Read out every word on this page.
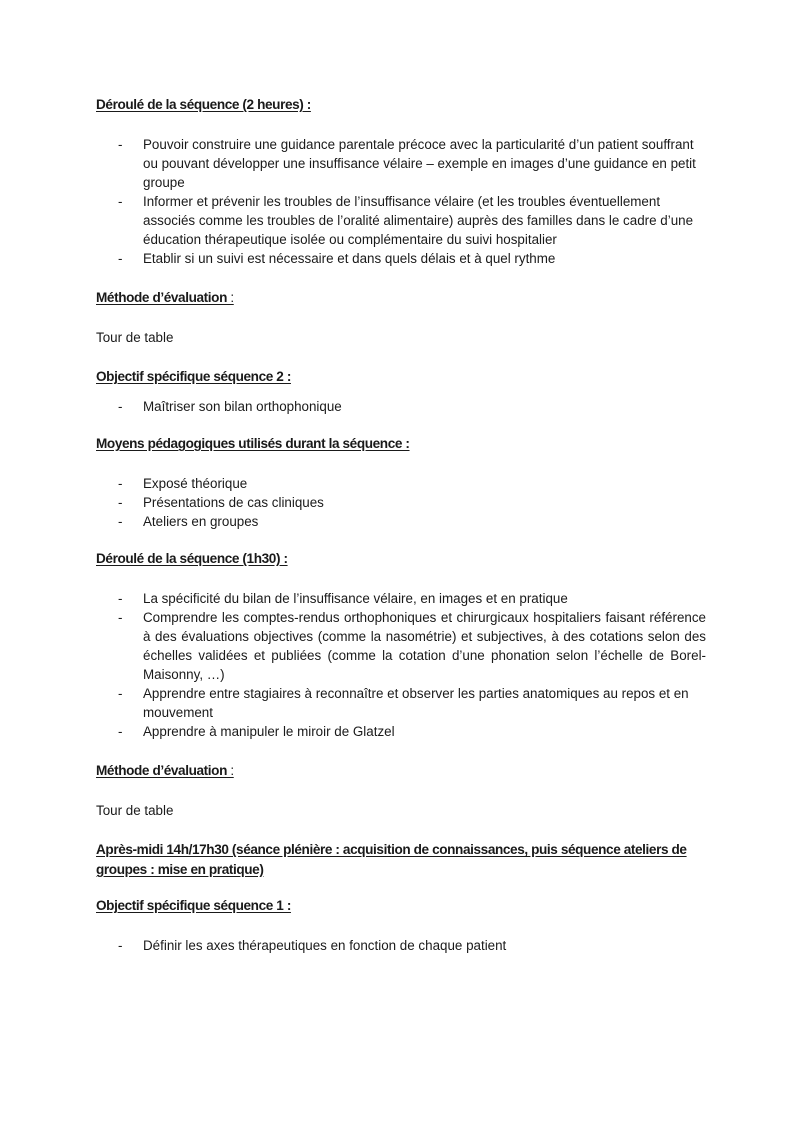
Déroulé de la séquence (2 heures) :

- Pouvoir construire une guidance parentale précoce avec la particularité d’un patient souffrant ou pouvant développer une insuffisance vélaire – exemple en images d’une guidance en petit groupe
- Informer et prévenir les troubles de l’insuffisance vélaire (et les troubles éventuellement associés comme les troubles de l’oralité alimentaire) auprès des familles dans le cadre d’une éducation thérapeutique isolée ou complémentaire du suivi hospitalier
- Etablir si un suivi est nécessaire et dans quels délais et à quel rythme

Méthode d’évaluation :

Tour de table

Objectif spécifique séquence 2 :

- Maîtriser son bilan orthophonique

Moyens pédagogiques utilisés durant la séquence :

- Exposé théorique
- Présentations de cas cliniques
- Ateliers en groupes

Déroulé de la séquence (1h30) :

- La spécificité du bilan de l’insuffisance vélaire, en images et en pratique
- Comprendre les comptes-rendus orthophoniques et chirurgicaux hospitaliers faisant référence à des évaluations objectives (comme la nasométrie) et subjectives, à des cotations selon des échelles validées et publiées (comme la cotation d’une phonation selon l’échelle de Borel-Maisonny, …)
- Apprendre entre stagiaires à reconnaître et observer les parties anatomiques au repos et en mouvement
- Apprendre à manipuler le miroir de Glatzel

Méthode d’évaluation :

Tour de table

Après-midi 14h/17h30 (séance plénière : acquisition de connaissances, puis séquence ateliers de groupes : mise en pratique)

Objectif spécifique séquence 1 :

- Définir les axes thérapeutiques en fonction de chaque patient
